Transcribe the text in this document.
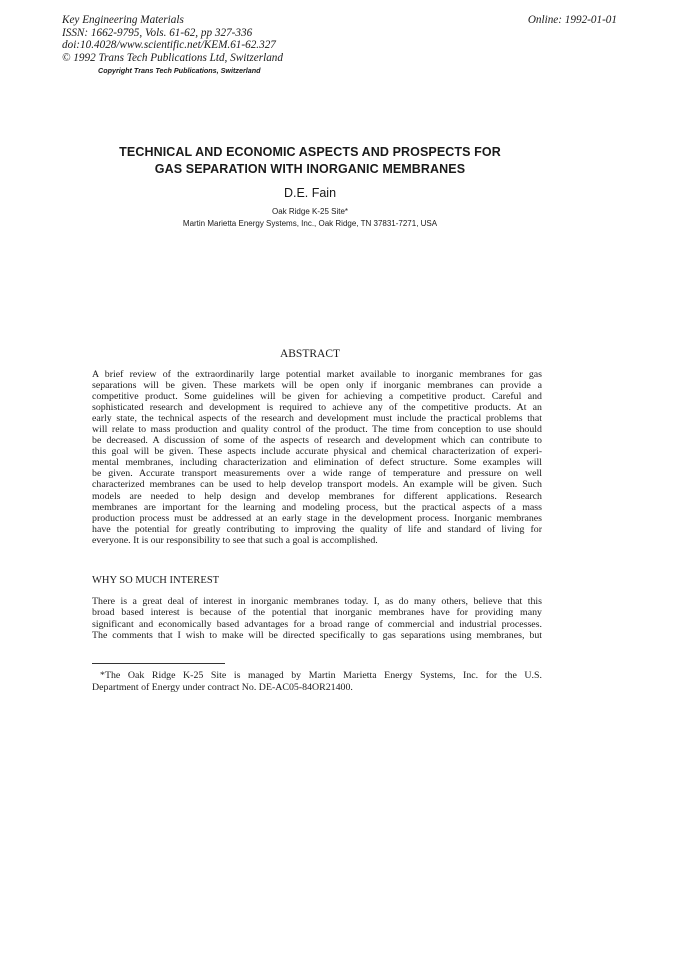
Key Engineering Materials
ISSN: 1662-9795, Vols. 61-62, pp 327-336
doi:10.4028/www.scientific.net/KEM.61-62.327
© 1992 Trans Tech Publications Ltd, Switzerland
Copyright Trans Tech Publications, Switzerland
Online: 1992-01-01
TECHNICAL AND ECONOMIC ASPECTS AND PROSPECTS FOR
GAS SEPARATION WITH INORGANIC MEMBRANES
D.E. Fain
Oak Ridge K-25 Site*
Martin Marietta Energy Systems, Inc., Oak Ridge, TN 37831-7271, USA
ABSTRACT
A brief review of the extraordinarily large potential market available to inorganic membranes for gas
separations will be given. These markets will be open only if inorganic membranes can provide a
competitive product. Some guidelines will be given for achieving a competitive product. Careful and
sophisticated research and development is required to achieve any of the competitive products. At an
early state, the technical aspects of the research and development must include the practical problems that
will relate to mass production and quality control of the product. The time from conception to use should
be decreased. A discussion of some of the aspects of research and development which can contribute to
this goal will be given. These aspects include accurate physical and chemical characterization of experi-
mental membranes, including characterization and elimination of defect structure. Some examples will
be given. Accurate transport measurements over a wide range of temperature and pressure on well
characterized membranes can be used to help develop transport models. An example will be given. Such
models are needed to help design and develop membranes for different applications. Research
membranes are important for the learning and modeling process, but the practical aspects of a mass
production process must be addressed at an early stage in the development process. Inorganic membranes
have the potential for greatly contributing to improving the quality of life and standard of living for
everyone. It is our responsibility to see that such a goal is accomplished.
WHY SO MUCH INTEREST
There is a great deal of interest in inorganic membranes today. I, as do many others, believe that this
broad based interest is because of the potential that inorganic membranes have for providing many
significant and economically based advantages for a broad range of commercial and industrial processes.
The comments that I wish to make will be directed specifically to gas separations using membranes, but
*The Oak Ridge K-25 Site is managed by Martin Marietta Energy Systems, Inc. for the U.S.
Department of Energy under contract No. DE-AC05-84OR21400.
